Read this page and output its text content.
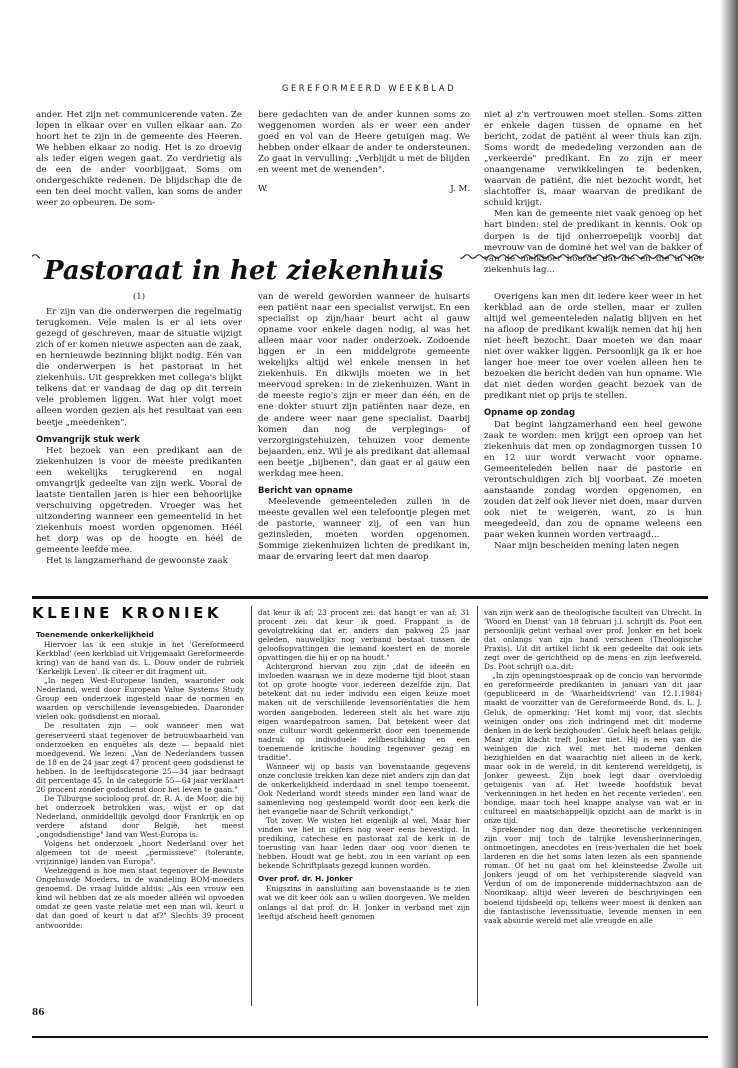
GEREFORMEERD WEEKBLAD

ander. Het zijn net communicerende vaten. Ze lopen in elkaar over en vullen elkaar aan. Zo hoort het te zijn in de gemeente des Heeren. We hebben elkaar zo nodig. Het is zo droevig als ieder eigen wegen gaat. Zo verdrietig als de een de ander voorbijgaat. Soms om ondergeschikte redenen. De blijdschap die de een ten deel mocht vallen, kan soms de ander weer zo opbeuren. De som-

bere gedachten van de ander kunnen soms zo weggenomen worden als er weer een ander goed en vol van de Heere getuigen mag. We hebben onder elkaar de ander te ondersteunen. Zo gaat in vervulling: „Verblijdt u met de blijden en weent met de wenenden".

W.	J. M.

niet al z'n vertrouwen moet stellen. Soms zitten er enkele dagen tussen de opname en het bericht, zodat de patiënt al weer thuis kan zijn. Soms wordt de mededeling verzonden aan de „verkeerde" predikant. En zo zijn er meer onaangename verwikkelingen te bedenken, waarvan de patiënt, die niet bezocht wordt, het slachtoffer is, maar waarvan de predikant de schuld krijgt.

Men kan de gemeente niet vaak genoeg op het hart binden: stel de predikant in kennis. Ook op dorpen is de tijd onherroepelijk voorbij dat mevrouw van de dominé het wel van de bakker of van de melkboer hoorde dat die en die in het ziekenhuis lag...

Pastoraat in het ziekenhuis
(1)

Er zijn van die onderwerpen die regelmatig terugkomen. Vele malen is er al iets over gezegd of geschreven, maar de situatie wijzigt zich of er komen nieuwe aspecten aan de zaak, en hernieuwde bezinning blijkt nodig. Eén van die onderwerpen is het pastoraat in het ziekenhuis. Uit gesprekken met collega's blijkt telkens dat er vandaag de dag op dit terrein vele problemen liggen. Wat hier volgt moet alleen worden gezien als het resultaat van een beetje „meedenken".

Omvangrijk stuk werk

Het bezoek van een predikant aan de ziekenhuizen is voor de meeste predikanten een wekelijks terugkerend en nogal omvangrijk gedeelte van zijn werk. Vooral de laatste tientallen jaren is hier een behoorlijke verschuiving opgetreden. Vroeger was het uitzondering wanneer een gemeentelid in het ziekenhuis moest worden opgenomen. Héél het dorp was op de hoogte en héél de gemeente leefde mee.

Het is langzamerhand de gewoonste zaak

van de wereld geworden wanneer de huisarts een patiënt naar een specialist verwijst. En een specialist op zijn/haar beurt acht al gauw opname voor enkele dagen nodig, al was het alleen maar voor nader onderzoek. Zodoende liggen er in een middelgrote gemeente wekelijks altijd wel enkele mensen in het ziekenhuis. En dikwijls moeten we in het meervoud spreken: in de ziekenhuizen. Want in de meeste regio's zijn er meer dan één, en de ene dokter stuurt zijn patiënten naar deze, en de andere weer naar gene specialist. Daarbij komen dan nog de verplegings- of verzorgingstehuizen, tehuizen voor demente bejaarden, enz. Wil je als predikant dat allemaal een beetje „bijbenen", dan gaat er al gauw een werkdag mee heen.

Bericht van opname

Meelevende gemeenteleden zullen in de meeste gevallen wel een telefoontje plegen met de pastorie, wanneer zij, of een van hun gezinsleden, moeten worden opgenomen. Sommige ziekenhuizen lichten de predikant in, maar de ervaring leert dat men daarop

Overigens kan men dit iedere keer weer in het kerkblad aan de orde stellen, maar er zullen altijd wel gemeenteleden nalatig blijven en het na afloop de predikant kwalijk nemen dat hij hen niet heeft bezocht. Daar moeten we dan maar niet over wakker liggen. Persoonlijk ga ik er hoe langer hoe meer toe over voelen alleen hen te bezoeken die bericht deden van hun opname. Wie dat niet deden worden geacht bezoek van de predikant niet op prijs te stellen.

Opname op zondag

Dat begint langzamerhand een heel gewone zaak te worden: men krijgt een oproep van het ziekenhuis dat men op zondagmorgen tussen 10 en 12 uur wordt verwacht voor opname. Gemeenteleden bellen naar de pastorie en verontschuldigen zich bij voorbaat. Ze moeten aanstaande zondag worden opgenomen, en zouden dat zelf ook liever niet doen, maar durven ook niet te weigeren, want, zo is hun meegedeeld, dan zou de opname weleens een paar weken kunnen worden vertraagd...

Naar mijn bescheiden mening laten negen

KLEINE KRONIEK
Toenemende onkerkelijkheid

Hiervoer las ik een stukje in het 'Gereformeerd Kerkblad' (een kerkblad uit Vrijgemaakt Gereformeerde kring) van de hand van ds. L. Douw onder de rubriek 'Kerkelijk Leven'. Ik citeer er dit fragment uit.

„In negen West-Europese landen, waaronder ook Nederland, werd door European Value Systems Study Group een onderzoek ingesteld naar de normen en waarden op verschillende levensgebieden. Daaronder vielen ook: godsdienst en moraal.

De resultaten zijn — ook wanneer men wat gereserveerd staat tegenover de betrouwbaarheid van onderzoeken en enquêtes als deze — bepaald niet moedgevend. We lezen: „Van de Nederlanders tussen de 18 en de 24 jaar zegt 47 procent geen godsdienst te hebben. In de leeftijdscategorie 25—34 jaar bedraagt dit percentage 45. In de categorie 55—64 jaar verklaart 26 procent zonder godsdienst door het leven te gaan."

De Tilburgse socioloog prof. dr. R. A. de Moor, die bij het onderzoek betrokken was, wijst er op dat Nederland, onmiddellijk gevolgd door Frankrijk en op verdere afstand door België, het meest „ongodsdienstige" land van West-Europa is.

Volgens het onderzoek „hoort Nederland over het algemeen tot de meest „permissieve" (tolerante, vrijzinnige) landen van Europa".

Veelzeggend is hoe men staat tegenover de Bewuste Ongehuwde Moeders, in de wandeling BOM-moeders genoemd. De vraag luidde aldus: „Als een vrouw een kind wil hebben dat ze als moeder alléén wil opvoeden omdat ze geen vaste relatie met een man wil, keurt u dat dan goed of keurt u dat af?" Slechts 39 procent antwoordde:

dat keur ik af; 23 procent zei: dat hangt er van af; 31 procent zei: dat keur ik goed. Frappant is de gevolgtrekking dat er, anders dan pakweg 25 jaar geleden, nauwelijks nog verband bestaat tussen de geloofsopvattingen die iemand koestert en de morele opvattingen die hij er op na houdt."

Achtergrond hiervan zou zijn „dat de ideeën en invloeden waaraan we in deze moderne tijd bloot staan tot op grote hoogte voor iedereen dezelfde zijn. Dat betekent dat nu ieder individu een eigen keuze moet maken uit de verschillende levensoriëntaties die hem worden aangeboden. Iedereen stelt als het ware zijn eigen waardepatroon samen. Dat betekent weer dat onze cultuur wordt gekenmerkt door een toenemende nadruk op individuele zelfbeschikking en een toenemende kritische houding tegenover gezag en traditie".

Wanneer wij op basis van bovenstaande gegevens onze conclusie trekken kan deze niet anders zijn dan dat de onkerkelijkheid inderdaad in snel tempo toeneemt. Ook Nederland wordt steeds minder een land waar de samenleving nog gestempeld wordt door een kerk die het evangelie naar de Schrift verkondigt."

Tot zover. We wisten het eigenlijk al wel. Maar hier vinden we het in cijfers nog weer eens bevestigd. In prediking, catechese en pastoraat zal de kerk in de toerusting van haar leden daar oog voor dienen te hebben. Houdt wat ge hebt, zou in een variant op een bekende Schriftplaats gezegd kunnen worden.

Over prof. dr. H. Jonker

Enigszins in aansluiting aan bovenstaande is te zien wat we dit keer óók aan u willen doorgeven. We melden onlangs al dat prof. dr. H. Jonker in verband met zijn leeftijd afscheid heeft genomen

van zijn werk aan de theologische faculteit van Utrecht. In 'Woord en Dienst' van 18 februari j.l. schrijft ds. Poot een persoonlijk getint verhaal over prof. Jonker en het boek dat onlangs van zijn hand verscheen (Theologische Praxis). Uit dit artikel licht ik een gedeelte dat ook iets zegt over de gerichtheid op de mens en zijn leefwereld. Ds. Poot schrijft o.a. dit:

„In zijn openingstoespraak op de concio van hervormde en gereformeerde predikanten in januari van dit jaar (gepubliceerd in de 'Waarheidsvriend' van 12.1.1984) maakt de voorzitter van de Gereformeerde Bond, ds. L. J. Geluk, de opmerking: 'Het komt mij voor, dat slechts weinigen onder ons zich indringend met dit moderne denken in de kerk bezighouden'. Geluk heeft helaas gelijk. Maar zijn klacht treft Jonker niet. Hij is een van die weinigen die zich wél met het moderne denken bezighielden en dat waarachtig niet alleen in de kerk, maar ook in de wereld, in dit kenterend wereldgetij, is Jonker geweest. Zijn boek legt daar overvloedig getuigenis van af. Het tweede hoofdstuk bevat 'verkenningen in het heden en het recente verleden', een bondige, maar toch heel knappe analyse van wat er in cultureel en maatschappelijk opzicht aan de markt is in onze tijd.

Sprekender nog dan deze theoretische verkenningen zijn voor mij toch de talrijke levensherinneringen, ontmoetingen, anecdotes en (reis-)verhalen die het boek larderen en die het soms laten lezen als een spannende roman. Of het nu gaat om het kleinsteedse Zwolle uit Jonkers jeugd of om het verhipsterende slagveld van Verdun of om de imponerende middernachtszon aan de Noordkaap, altijd weer leveren de beschrijvingen een boeiend tijdsbeeld op; telkens weer moest ik denken aan die fantastische levenssituatie, levende mensen in een vaak absurde wereld met alle vreugde en alle

86
